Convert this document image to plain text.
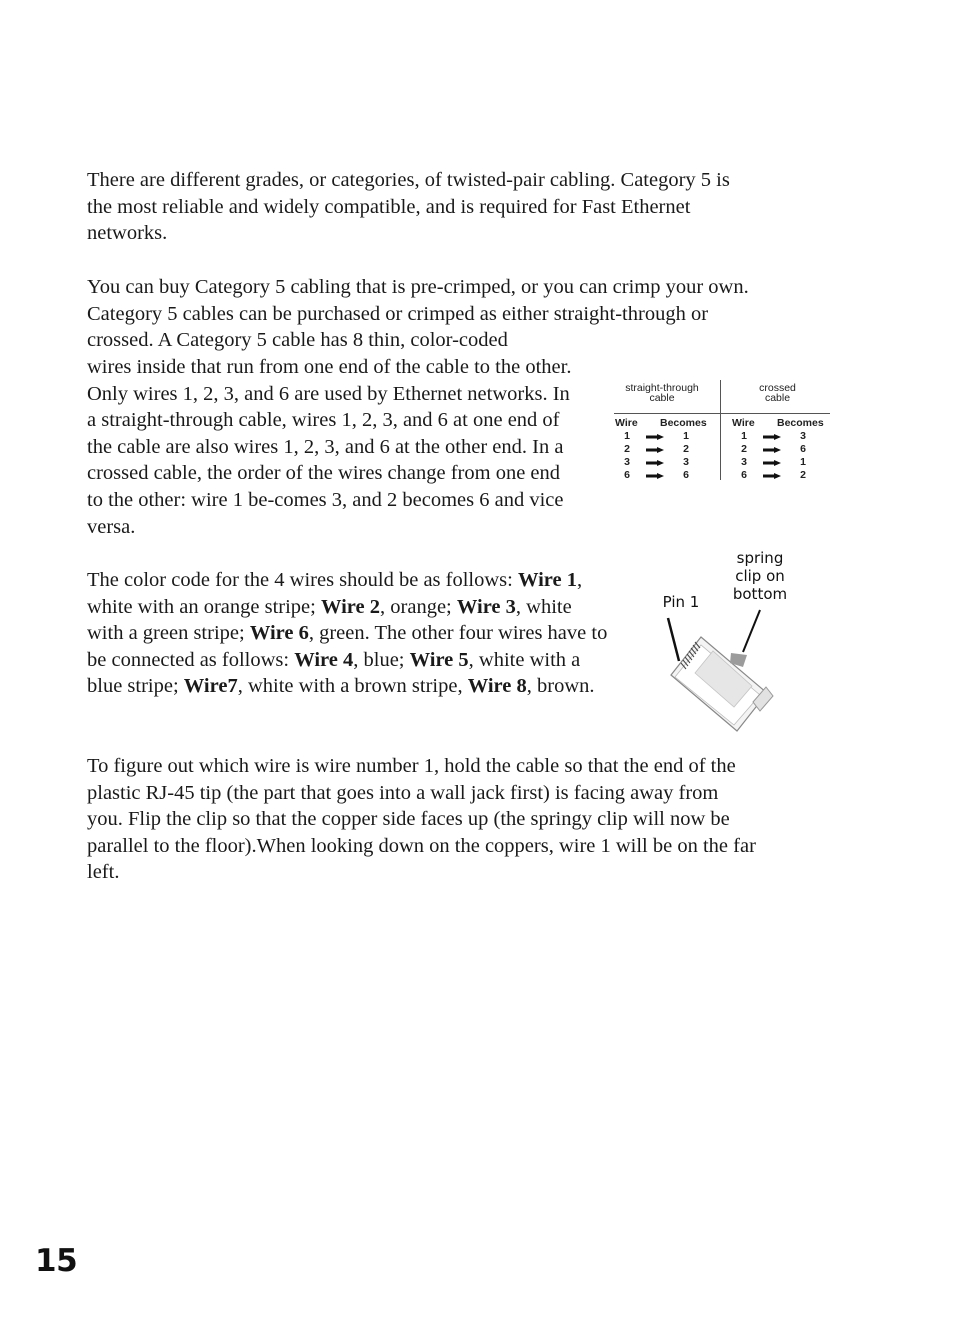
There are different grades, or categories, of twisted-pair cabling. Category 5 is the most reliable and widely compatible, and is required for Fast Ethernet networks.

You can buy Category 5 cabling that is pre-crimped, or you can crimp your own. Category 5 cables can be purchased or crimped as either straight-through or crossed. A Category 5 cable has 8 thin, color-coded

wires inside that run from one end of the cable to the other. Only wires 1, 2, 3, and 6 are used by Ethernet networks. In a straight-through cable, wires 1, 2, 3, and 6 at one end of the cable are also wires 1, 2, 3, and 6 at the other end. In a crossed cable, the order of the wires change from one end to the other: wire 1 be-comes 3, and 2 becomes 6 and vice versa.

straight-through
cable
crossed
cable
Wire Becomes Wire Becomes
1
2
3
6
1
2
3
6
1
2
3
6
3
6
1
2

The color code for the 4 wires should be as follows: Wire 1, white with an orange stripe; Wire 2, orange; Wire 3, white with a green stripe; Wire 6, green. The other four wires have to be connected as follows: Wire 4, blue; Wire 5, white with a blue stripe; Wire7, white with a brown stripe, Wire 8, brown.

Pin 1
spring
clip on
bottom

To figure out which wire is wire number 1, hold the cable so that the end of the plastic RJ-45 tip (the part that goes into a wall jack first) is facing away from you. Flip the clip so that the copper side faces up (the springy clip will now be parallel to the floor).When looking down on the coppers, wire 1 will be on the far left.

15
